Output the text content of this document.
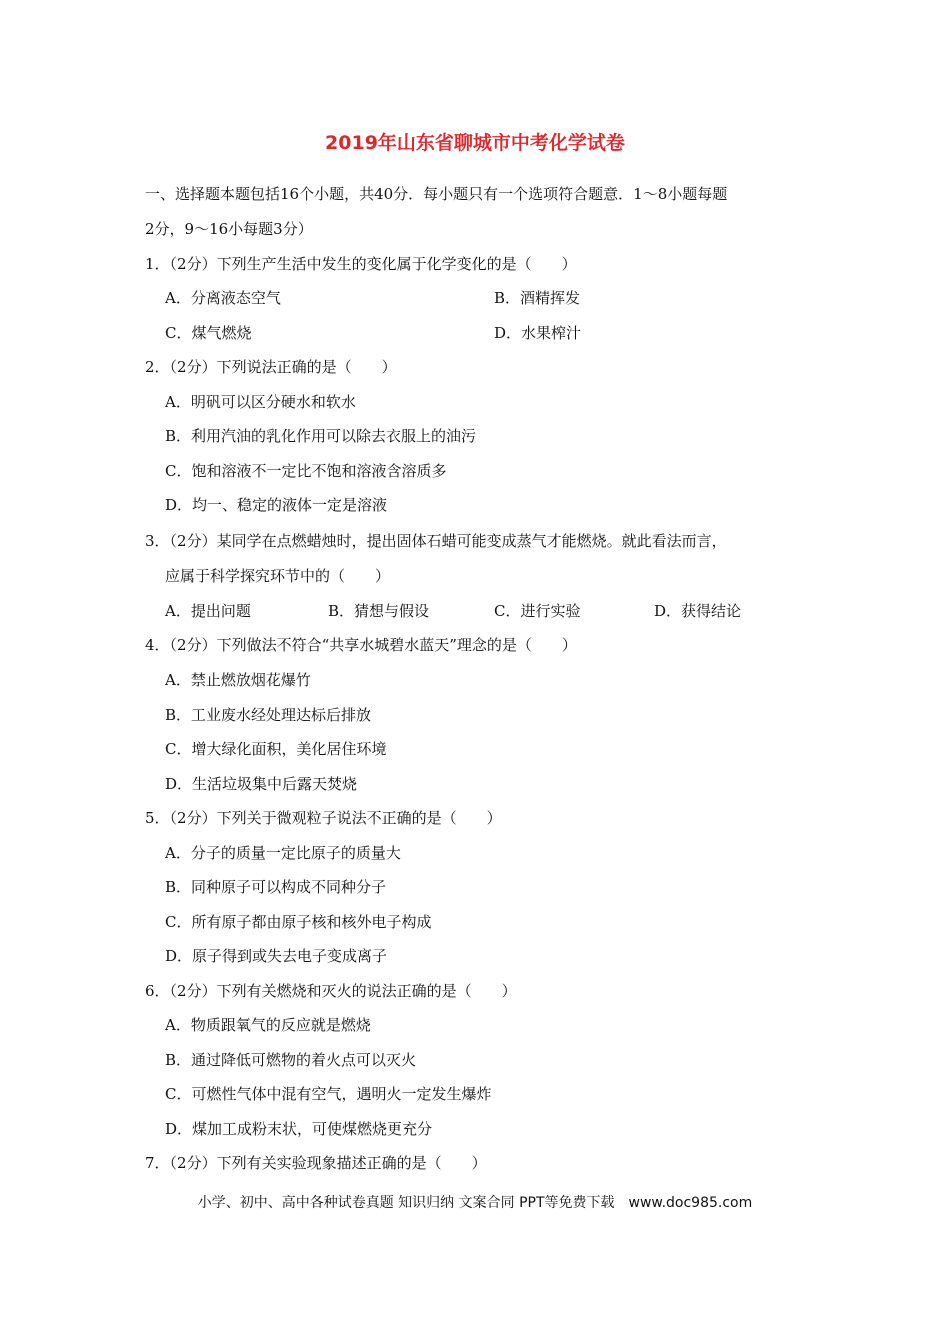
2019年山东省聊城市中考化学试卷
一、选择题本题包括16个小题，共40分．每小题只有一个选项符合题意．1～8小题每题
2分，9～16小每题3分）
1．（2分）下列生产生活中发生的变化属于化学变化的是（　　）
A．分离液态空气	B．酒精挥发
C．煤气燃烧	D．水果榨汁
2．（2分）下列说法正确的是（　　）
A．明矾可以区分硬水和软水
B．利用汽油的乳化作用可以除去衣服上的油污
C．饱和溶液不一定比不饱和溶液含溶质多
D．均一、稳定的液体一定是溶液
3．（2分）某同学在点燃蜡烛时，提出固体石蜡可能变成蒸气才能燃烧。就此看法而言，
应属于科学探究环节中的（　　）
A．提出问题	B．猜想与假设	C．进行实验	D．获得结论
4．（2分）下列做法不符合“共享水城碧水蓝天”理念的是（　　）
A．禁止燃放烟花爆竹
B．工业废水经处理达标后排放
C．增大绿化面积，美化居住环境
D．生活垃圾集中后露天焚烧
5．（2分）下列关于微观粒子说法不正确的是（　　）
A．分子的质量一定比原子的质量大
B．同种原子可以构成不同种分子
C．所有原子都由原子核和核外电子构成
D．原子得到或失去电子变成离子
6．（2分）下列有关燃烧和灭火的说法正确的是（　　）
A．物质跟氧气的反应就是燃烧
B．通过降低可燃物的着火点可以灭火
C．可燃性气体中混有空气，遇明火一定发生爆炸
D．煤加工成粉末状，可使煤燃烧更充分
7．（2分）下列有关实验现象描述正确的是（　　）
小学、初中、高中各种试卷真题 知识归纳 文案合同 PPT等免费下载　www.doc985.com
